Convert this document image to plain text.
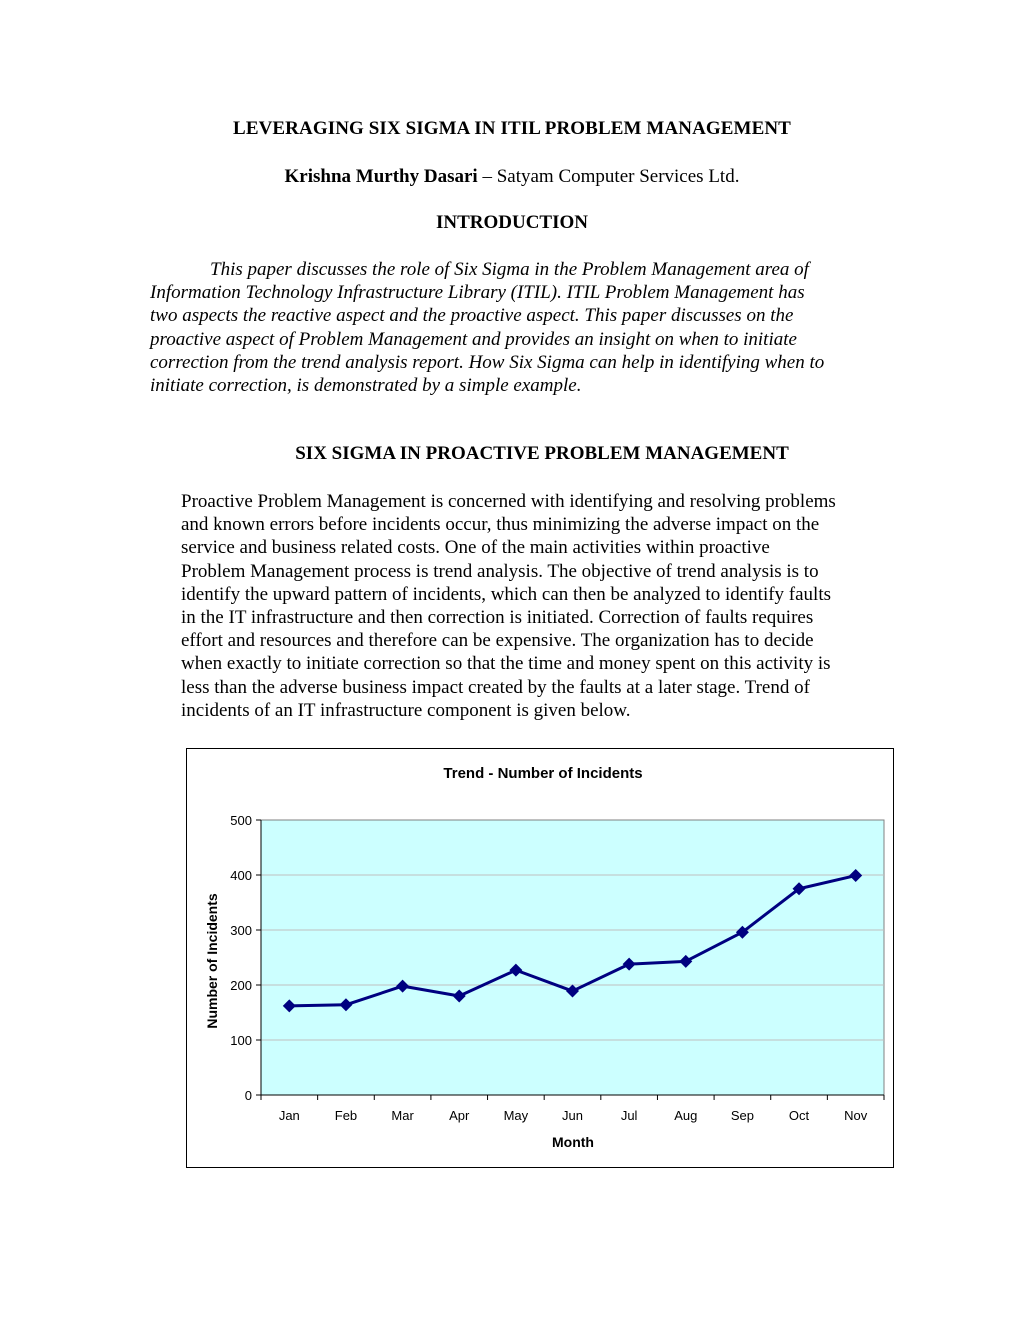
LEVERAGING SIX SIGMA IN ITIL PROBLEM MANAGEMENT
Krishna Murthy Dasari – Satyam Computer Services Ltd.
INTRODUCTION
This paper discusses the role of Six Sigma in the Problem Management area of
Information Technology Infrastructure Library (ITIL). ITIL Problem Management has
two aspects the reactive aspect and the proactive aspect. This paper discusses on the
proactive aspect of Problem Management and provides an insight on when to initiate
correction from the trend analysis report. How Six Sigma can help in identifying when to
initiate correction, is demonstrated by a simple example.
SIX SIGMA IN PROACTIVE PROBLEM MANAGEMENT
Proactive Problem Management is concerned with identifying and resolving problems
and known errors before incidents occur, thus minimizing the adverse impact on the
service and business related costs. One of the main activities within proactive
Problem Management process is trend analysis. The objective of trend analysis is to
identify the upward pattern of incidents, which can then be analyzed to identify faults
in the IT infrastructure and then correction is initiated. Correction of faults requires
effort and resources and therefore can be expensive. The organization has to decide
when exactly to initiate correction so that the time and money spent on this activity is
less than the adverse business impact created by the faults at a later stage. Trend of
incidents of an IT infrastructure component is given below.
Trend - Number of Incidents
0
100
200
300
400
500
Jan	Feb	Mar	Apr	May	Jun	Jul	Aug	Sep	Oct	Nov
Month
Number of Incidents
